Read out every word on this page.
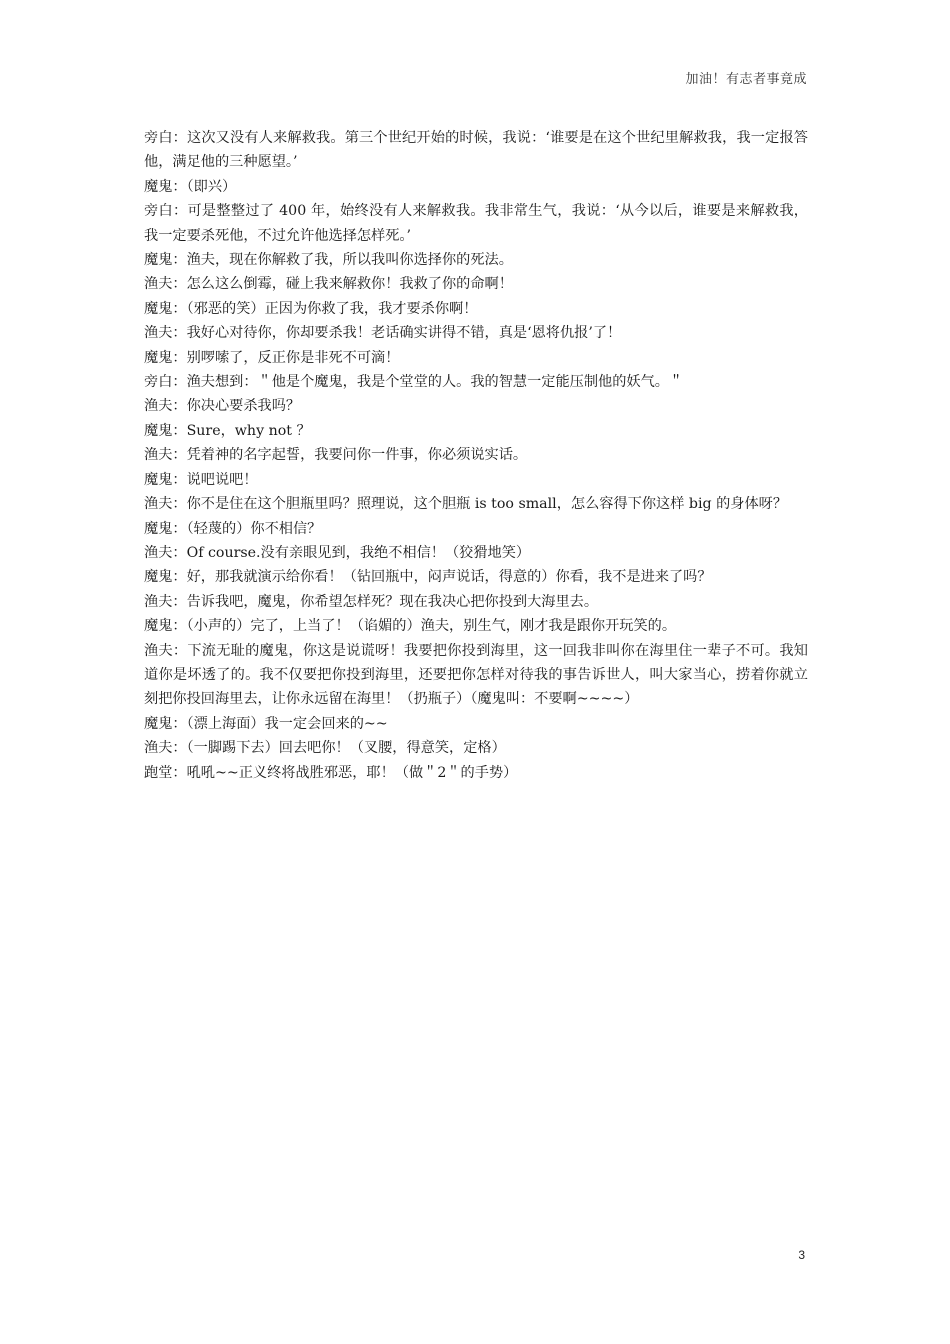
加油！有志者事竟成

旁白：这次又没有人来解救我。第三个世纪开始的时候，我说：‘谁要是在这个世纪里解救我，我一定报答他，满足他的三种愿望。’

魔鬼：（即兴）

旁白：可是整整过了 400 年，始终没有人来解救我。我非常生气，我说：‘从今以后，谁要是来解救我，我一定要杀死他，不过允许他选择怎样死。’

魔鬼：渔夫，现在你解救了我，所以我叫你选择你的死法。

渔夫：怎么这么倒霉，碰上我来解救你！我救了你的命啊！

魔鬼：（邪恶的笑）正因为你救了我，我才要杀你啊！

渔夫：我好心对待你，你却要杀我！老话确实讲得不错，真是‘恩将仇报’了！

魔鬼：别啰嗦了，反正你是非死不可滴！

旁白：渔夫想到：＂他是个魔鬼，我是个堂堂的人。我的智慧一定能压制他的妖气。＂

渔夫：你决心要杀我吗？

魔鬼：Sure，why not ？

渔夫：凭着神的名字起誓，我要问你一件事，你必须说实话。

魔鬼：说吧说吧！

渔夫：你不是住在这个胆瓶里吗？照理说，这个胆瓶 is too small，怎么容得下你这样 big 的身体呀？

魔鬼：（轻蔑的）你不相信？

渔夫：Of course.没有亲眼见到，我绝不相信！（狡猾地笑）

魔鬼：好，那我就演示给你看！（钻回瓶中，闷声说话，得意的）你看，我不是进来了吗？

渔夫：告诉我吧，魔鬼，你希望怎样死？现在我决心把你投到大海里去。

魔鬼：（小声的）完了，上当了！（谄媚的）渔夫，别生气，刚才我是跟你开玩笑的。

渔夫：下流无耻的魔鬼，你这是说谎呀！我要把你投到海里，这一回我非叫你在海里住一辈子不可。我知道你是坏透了的。我不仅要把你投到海里，还要把你怎样对待我的事告诉世人，叫大家当心，捞着你就立刻把你投回海里去，让你永远留在海里！（扔瓶子）（魔鬼叫：不要啊~~~~）

魔鬼：（漂上海面）我一定会回来的~~

渔夫：（一脚踢下去）回去吧你！（叉腰，得意笑，定格）

跑堂：吼吼~~正义终将战胜邪恶，耶！（做＂2＂的手势）

3
